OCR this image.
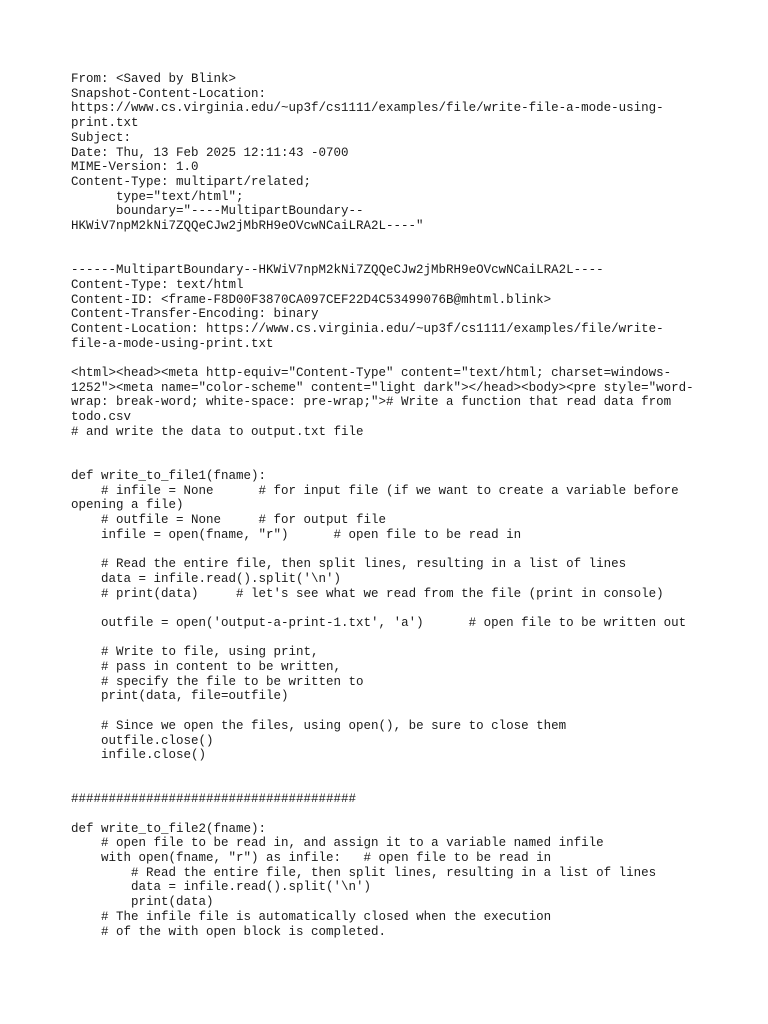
From: <Saved by Blink>
Snapshot-Content-Location:
https://www.cs.virginia.edu/~up3f/cs1111/examples/file/write-file-a-mode-using-
print.txt
Subject:
Date: Thu, 13 Feb 2025 12:11:43 -0700
MIME-Version: 1.0
Content-Type: multipart/related;
type="text/html";
boundary="----MultipartBoundary--
HKWiV7npM2kNi7ZQQeCJw2jMbRH9eOVcwNCaiLRA2L----"
------MultipartBoundary--HKWiV7npM2kNi7ZQQeCJw2jMbRH9eOVcwNCaiLRA2L----
Content-Type: text/html
Content-ID: <frame-F8D00F3870CA097CEF22D4C53499076B@mhtml.blink>
Content-Transfer-Encoding: binary
Content-Location: https://www.cs.virginia.edu/~up3f/cs1111/examples/file/write-
file-a-mode-using-print.txt
<html><head><meta http-equiv="Content-Type" content="text/html; charset=windows-
1252"><meta name="color-scheme" content="light dark"></head><body><pre style="word-
wrap: break-word; white-space: pre-wrap;"># Write a function that read data from
todo.csv
# and write the data to output.txt file
def write_to_file1(fname):
# infile = None      # for input file (if we want to create a variable before
opening a file)
# outfile = None     # for output file
infile = open(fname, "r")      # open file to be read in
# Read the entire file, then split lines, resulting in a list of lines
data = infile.read().split('\n')
# print(data)     # let's see what we read from the file (print in console)
outfile = open('output-a-print-1.txt', 'a')      # open file to be written out
# Write to file, using print,
# pass in content to be written,
# specify the file to be written to
print(data, file=outfile)
# Since we open the files, using open(), be sure to close them
outfile.close()
infile.close()
######################################
def write_to_file2(fname):
# open file to be read in, and assign it to a variable named infile
with open(fname, "r") as infile:   # open file to be read in
# Read the entire file, then split lines, resulting in a list of lines
data = infile.read().split('\n')
print(data)
# The infile file is automatically closed when the execution
# of the with open block is completed.
